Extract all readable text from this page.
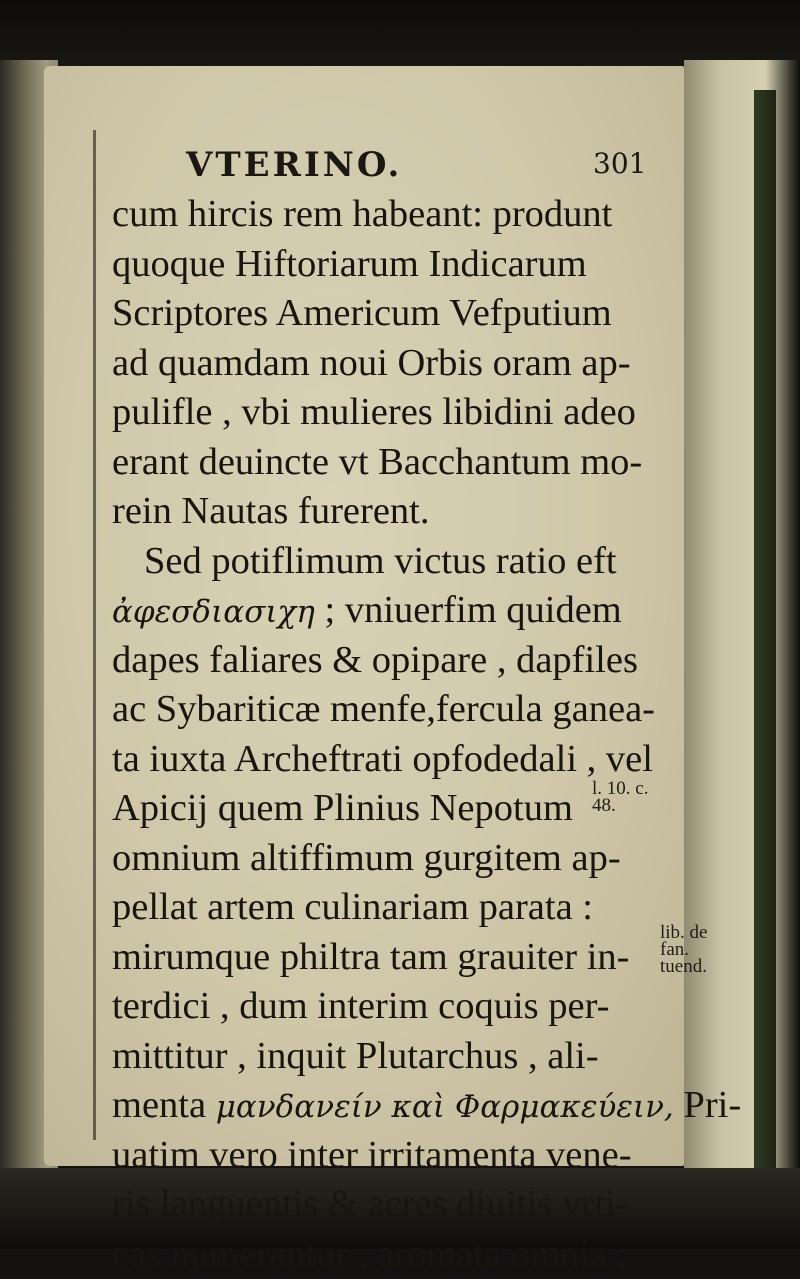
VTERINO.	301
cum hircis rem habeant: produnt
quoque Hiftoriarum Indicarum
Scriptores Americum Vefputium
ad quamdam noui Orbis oram ap-
pulifle , vbi mulieres libidini adeo
erant deuincte vt Bacchantum mo-
rein Nautas furerent.
Sed potiflimum victus ratio eft
ἀφεσδιασιχη ; vniuerfim quidem
dapes faliares & opipare , dapfiles
ac Sybariticæ menfe,fercula ganea-
ta iuxta Archeftrati opfodedali , vel
Apicij quem Plinius Nepotum
omnium altiffimum gurgitem ap-
pellat artem culinariam parata :
mirumque philtra tam grauiter in-
terdici , dum interim coquis per-
mittitur , inquit Plutarchus , ali-
menta μανδανείν καὶ Φαρμακεύειν, Pri-
uatim vero inter irritamenta vene-
ris languentis & acres diuitis vrti-
cas numerantur , aromata omnia ;
l. 10. c.
48.
lib. de
fan.
tuend.
